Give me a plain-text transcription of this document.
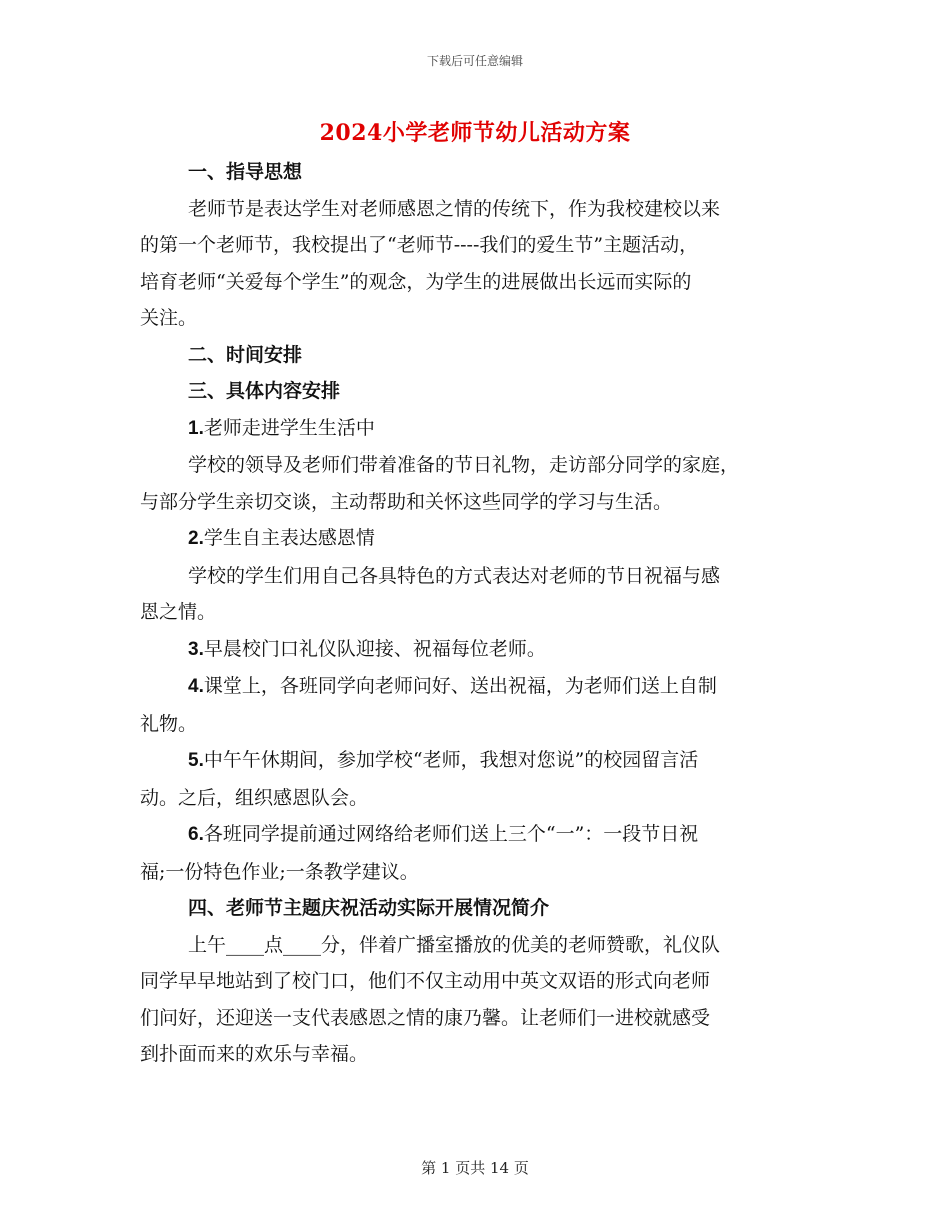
下载后可任意编辑
2024小学老师节幼儿活动方案

一、指导思想

老师节是表达学生对老师感恩之情的传统下，作为我校建校以来

的第一个老师节，我校提出了“老师节----我们的爱生节”主题活动，

培育老师“关爱每个学生”的观念，为学生的进展做出长远而实际的

关注。

二、时间安排

三、具体内容安排

1.老师走进学生生活中

学校的领导及老师们带着准备的节日礼物，走访部分同学的家庭，

与部分学生亲切交谈，主动帮助和关怀这些同学的学习与生活。

2.学生自主表达感恩情

学校的学生们用自己各具特色的方式表达对老师的节日祝福与感

恩之情。

3.早晨校门口礼仪队迎接、祝福每位老师。

4.课堂上，各班同学向老师问好、送出祝福，为老师们送上自制

礼物。

5.中午午休期间，参加学校“老师，我想对您说”的校园留言活

动。之后，组织感恩队会。

6.各班同学提前通过网络给老师们送上三个“一”：一段节日祝

福;一份特色作业;一条教学建议。

四、老师节主题庆祝活动实际开展情况简介

上午____点____分，伴着广播室播放的优美的老师赞歌，礼仪队

同学早早地站到了校门口，他们不仅主动用中英文双语的形式向老师

们问好，还迎送一支代表感恩之情的康乃馨。让老师们一进校就感受

到扑面而来的欢乐与幸福。

第 1 页共 14 页
